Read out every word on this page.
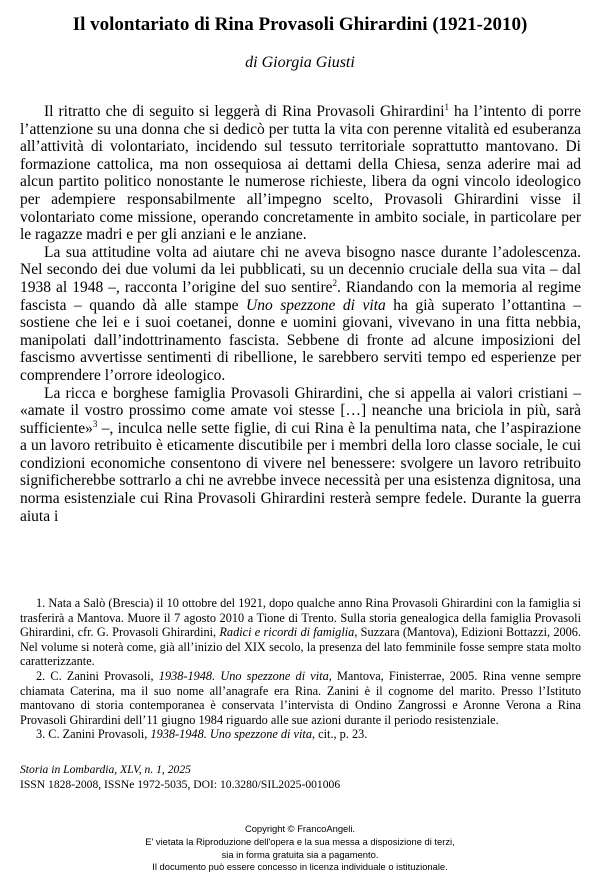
Il volontariato di Rina Provasoli Ghirardini (1921-2010)
di Giorgia Giusti

Il ritratto che di seguito si leggerà di Rina Provasoli Ghirardini$^1$ ha l’intento di porre l’attenzione su una donna che si dedicò per tutta la vita con perenne vitalità ed esuberanza all’attività di volontariato, incidendo sul tessuto territoriale soprattutto mantovano. Di formazione cattolica, ma non ossequiosa ai dettami della Chiesa, senza aderire mai ad alcun partito politico nonostante le numerose richieste, libera da ogni vincolo ideologico per adempiere responsabilmente all’impegno scelto, Provasoli Ghirardini visse il volontariato come missione, operando concretamente in ambito sociale, in particolare per le ragazze madri e per gli anziani e le anziane.

La sua attitudine volta ad aiutare chi ne aveva bisogno nasce durante l’adolescenza. Nel secondo dei due volumi da lei pubblicati, su un decennio cruciale della sua vita – dal 1938 al 1948 –, racconta l’origine del suo sentire$^2$. Riandando con la memoria al regime fascista – quando dà alle stampe Uno spezzone di vita ha già superato l’ottantina – sostiene che lei e i suoi coetanei, donne e uomini giovani, vivevano in una fitta nebbia, manipolati dall’indottrinamento fascista. Sebbene di fronte ad alcune imposizioni del fascismo avvertisse sentimenti di ribellione, le sarebbero serviti tempo ed esperienze per comprendere l’orrore ideologico.

La ricca e borghese famiglia Provasoli Ghirardini, che si appella ai valori cristiani – «amate il vostro prossimo come amate voi stesse […] neanche una briciola in più, sarà sufficiente»$^3$ –, inculca nelle sette figlie, di cui Rina è la penultima nata, che l’aspirazione a un lavoro retribuito è eticamente discutibile per i membri della loro classe sociale, le cui condizioni economiche consentono di vivere nel benessere: svolgere un lavoro retribuito significherebbe sottrarlo a chi ne avrebbe invece necessità per una esistenza dignitosa, una norma esistenziale cui Rina Provasoli Ghirardini resterà sempre fedele. Durante la guerra aiuta i

1. Nata a Salò (Brescia) il 10 ottobre del 1921, dopo qualche anno Rina Provasoli Ghirardini con la famiglia si trasferirà a Mantova. Muore il 7 agosto 2010 a Tione di Trento. Sulla storia genealogica della famiglia Provasoli Ghirardini, cfr. G. Provasoli Ghirardini, Radici e ricordi di famiglia, Suzzara (Mantova), Edizioni Bottazzi, 2006. Nel volume si noterà come, già all’inizio del XIX secolo, la presenza del lato femminile fosse sempre stata molto caratterizzante.

2. C. Zanini Provasoli, 1938-1948. Uno spezzone di vita, Mantova, Finisterrae, 2005. Rina venne sempre chiamata Caterina, ma il suo nome all’anagrafe era Rina. Zanini è il cognome del marito. Presso l’Istituto mantovano di storia contemporanea è conservata l’intervista di Ondino Zangrossi e Aronne Verona a Rina Provasoli Ghirardini dell’11 giugno 1984 riguardo alle sue azioni durante il periodo resistenziale.

3. C. Zanini Provasoli, 1938-1948. Uno spezzone di vita, cit., p. 23.

Storia in Lombardia, XLV, n. 1, 2025
ISSN 1828-2008, ISSNe 1972-5035, DOI: 10.3280/SIL2025-001006
Copyright © FrancoAngeli.
E' vietata la Riproduzione dell'opera e la sua messa a disposizione di terzi,
sia in forma gratuita sia a pagamento.
Il documento può essere concesso in licenza individuale o istituzionale.
